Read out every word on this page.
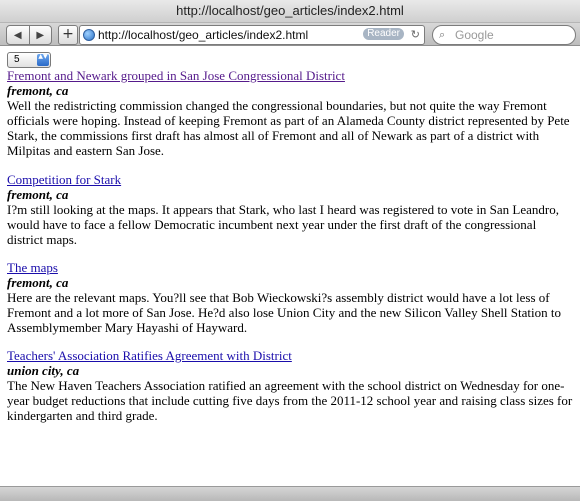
http://localhost/geo_articles/index2.html
◀ ▶ +	http://localhost/geo_articles/index2.html	Reader ↻ ⌕ Google
5	▲▼
Fremont and Newark grouped in San Jose Congressional District
fremont, ca
Well the redistricting commission changed the congressional boundaries, but not quite the way Fremont officials were hoping. Instead of keeping Fremont as part of an Alameda County district represented by Pete Stark, the commissions first draft has almost all of Fremont and all of Newark as part of a district with Milpitas and eastern San Jose.
Competition for Stark
fremont, ca
I?m still looking at the maps. It appears that Stark, who last I heard was registered to vote in San Leandro, would have to face a fellow Democratic incumbent next year under the first draft of the congressional district maps.
The maps
fremont, ca
Here are the relevant maps. You?ll see that Bob Wieckowski?s assembly district would have a lot less of Fremont and a lot more of San Jose. He?d also lose Union City and the new Silicon Valley Shell Station to Assemblymember Mary Hayashi of Hayward.
Teachers' Association Ratifies Agreement with District
union city, ca
The New Haven Teachers Association ratified an agreement with the school district on Wednesday for one-year budget reductions that include cutting five days from the 2011-12 school year and raising class sizes for kindergarten and third grade.
